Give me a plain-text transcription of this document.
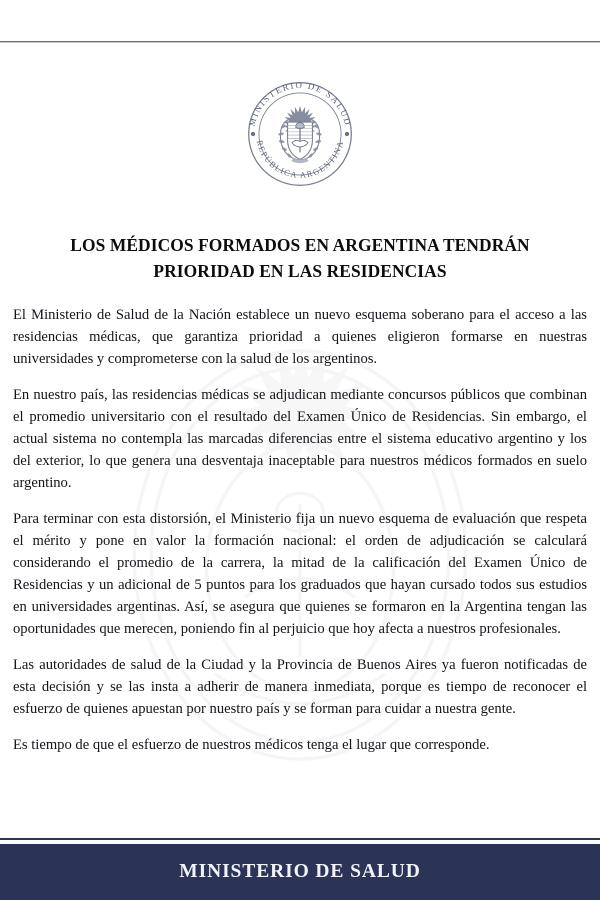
MINISTERIO DE SALUD
REPÚBLICA ARGENTINA
LOS MÉDICOS FORMADOS EN ARGENTINA TENDRÁN PRIORIDAD EN LAS RESIDENCIAS

El Ministerio de Salud de la Nación establece un nuevo esquema soberano para el acceso a las residencias médicas, que garantiza prioridad a quienes eligieron formarse en nuestras universidades y comprometerse con la salud de los argentinos.

En nuestro país, las residencias médicas se adjudican mediante concursos públicos que combinan el promedio universitario con el resultado del Examen Único de Residencias. Sin embargo, el actual sistema no contempla las marcadas diferencias entre el sistema educativo argentino y los del exterior, lo que genera una desventaja inaceptable para nuestros médicos formados en suelo argentino.

Para terminar con esta distorsión, el Ministerio fija un nuevo esquema de evaluación que respeta el mérito y pone en valor la formación nacional: el orden de adjudicación se calculará considerando el promedio de la carrera, la mitad de la calificación del Examen Único de Residencias y un adicional de 5 puntos para los graduados que hayan cursado todos sus estudios en universidades argentinas. Así, se asegura que quienes se formaron en la Argentina tengan las oportunidades que merecen, poniendo fin al perjuicio que hoy afecta a nuestros profesionales.

Las autoridades de salud de la Ciudad y la Provincia de Buenos Aires ya fueron notificadas de esta decisión y se las insta a adherir de manera inmediata, porque es tiempo de reconocer el esfuerzo de quienes apuestan por nuestro país y se forman para cuidar a nuestra gente.

Es tiempo de que el esfuerzo de nuestros médicos tenga el lugar que corresponde.

MINISTERIO DE SALUD
